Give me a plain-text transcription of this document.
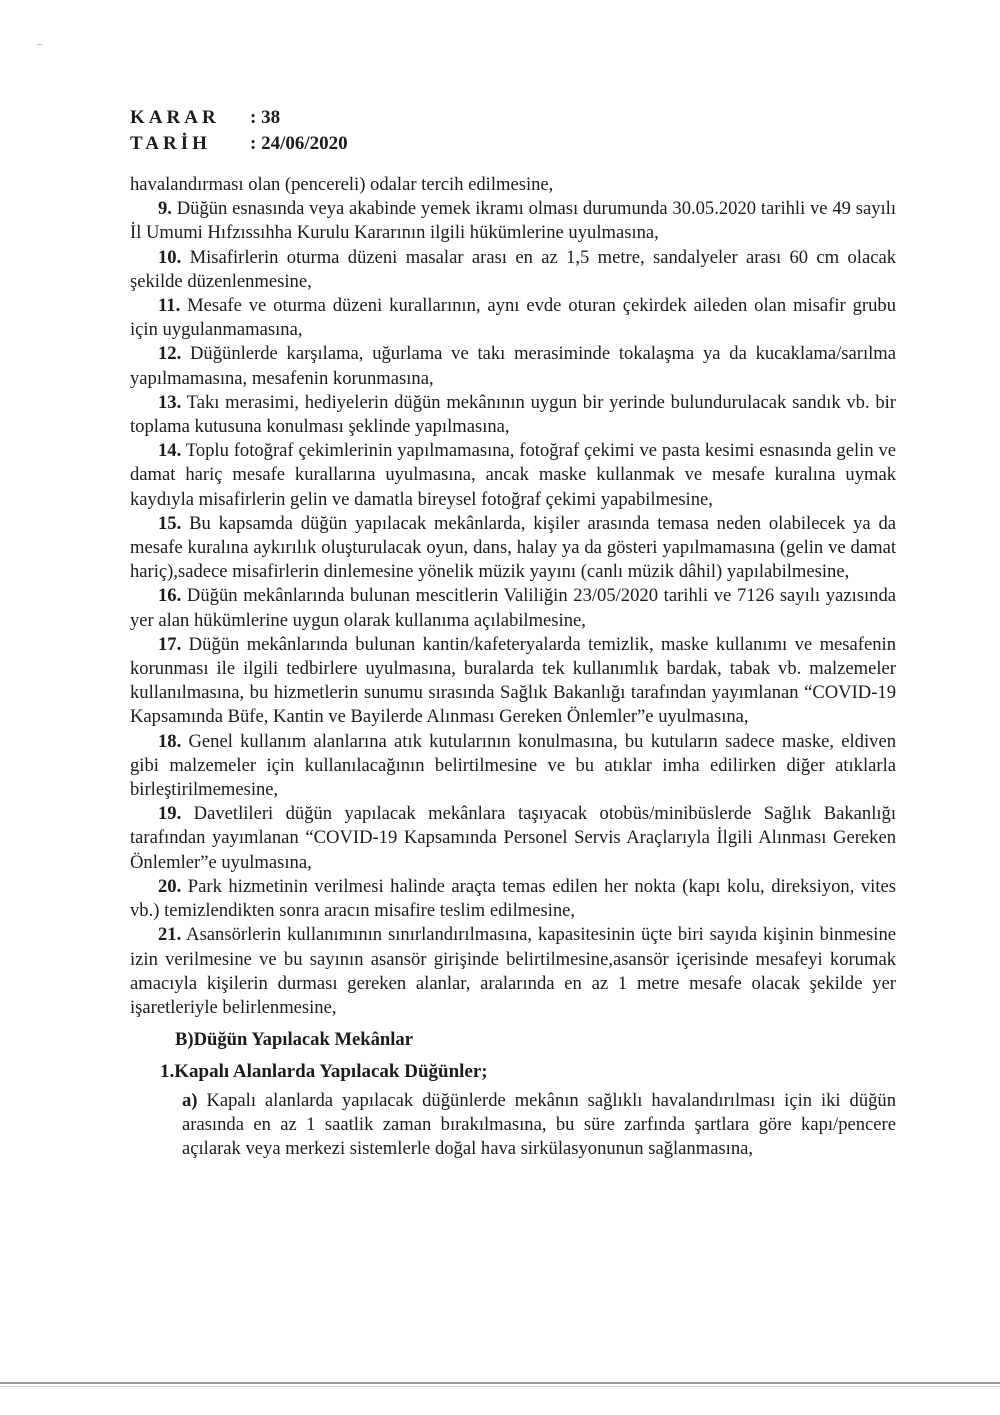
KARAR : 38
TARİH : 24/06/2020

havalandırması olan (pencereli) odalar tercih edilmesine,

9. Düğün esnasında veya akabinde yemek ikramı olması durumunda 30.05.2020 tarihli ve 49 sayılı İl Umumi Hıfzıssıhha Kurulu Kararının ilgili hükümlerine uyulmasına,

10. Misafirlerin oturma düzeni masalar arası en az 1,5 metre, sandalyeler arası 60 cm olacak şekilde düzenlenmesine,

11. Mesafe ve oturma düzeni kurallarının, aynı evde oturan çekirdek aileden olan misafir grubu için uygulanmamasına,

12. Düğünlerde karşılama, uğurlama ve takı merasiminde tokalaşma ya da kucaklama/sarılma yapılmamasına, mesafenin korunmasına,

13. Takı merasimi, hediyelerin düğün mekânının uygun bir yerinde bulundurulacak sandık vb. bir toplama kutusuna konulması şeklinde yapılmasına,

14. Toplu fotoğraf çekimlerinin yapılmamasına, fotoğraf çekimi ve pasta kesimi esnasında gelin ve damat hariç mesafe kurallarına uyulmasına, ancak maske kullanmak ve mesafe kuralına uymak kaydıyla misafirlerin gelin ve damatla bireysel fotoğraf çekimi yapabilmesine,

15. Bu kapsamda düğün yapılacak mekânlarda, kişiler arasında temasa neden olabilecek ya da mesafe kuralına aykırılık oluşturulacak oyun, dans, halay ya da gösteri yapılmamasına (gelin ve damat hariç),sadece misafirlerin dinlemesine yönelik müzik yayını (canlı müzik dâhil) yapılabilmesine,

16. Düğün mekânlarında bulunan mescitlerin Valiliğin 23/05/2020 tarihli ve 7126 sayılı yazısında yer alan hükümlerine uygun olarak kullanıma açılabilmesine,

17. Düğün mekânlarında bulunan kantin/kafeteryalarda temizlik, maske kullanımı ve mesafenin korunması ile ilgili tedbirlere uyulmasına, buralarda tek kullanımlık bardak, tabak vb. malzemeler kullanılmasına, bu hizmetlerin sunumu sırasında Sağlık Bakanlığı tarafından yayımlanan “COVID-19 Kapsamında Büfe, Kantin ve Bayilerde Alınması Gereken Önlemler”e uyulmasına,

18. Genel kullanım alanlarına atık kutularının konulmasına, bu kutuların sadece maske, eldiven gibi malzemeler için kullanılacağının belirtilmesine ve bu atıklar imha edilirken diğer atıklarla birleştirilmemesine,

19. Davetlileri düğün yapılacak mekânlara taşıyacak otobüs/minibüslerde Sağlık Bakanlığı tarafından yayımlanan “COVID-19 Kapsamında Personel Servis Araçlarıyla İlgili Alınması Gereken Önlemler”e uyulmasına,

20. Park hizmetinin verilmesi halinde araçta temas edilen her nokta (kapı kolu, direksiyon, vites vb.) temizlendikten sonra aracın misafire teslim edilmesine,

21. Asansörlerin kullanımının sınırlandırılmasına, kapasitesinin üçte biri sayıda kişinin binmesine izin verilmesine ve bu sayının asansör girişinde belirtilmesine,asansör içerisinde mesafeyi korumak amacıyla kişilerin durması gereken alanlar, aralarında en az 1 metre mesafe olacak şekilde yer işaretleriyle belirlenmesine,

B)Düğün Yapılacak Mekânlar
1.Kapalı Alanlarda Yapılacak Düğünler;

a) Kapalı alanlarda yapılacak düğünlerde mekânın sağlıklı havalandırılması için iki düğün arasında en az 1 saatlik zaman bırakılmasına, bu süre zarfında şartlara göre kapı/pencere açılarak veya merkezi sistemlerle doğal hava sirkülasyonunun sağlanmasına,
